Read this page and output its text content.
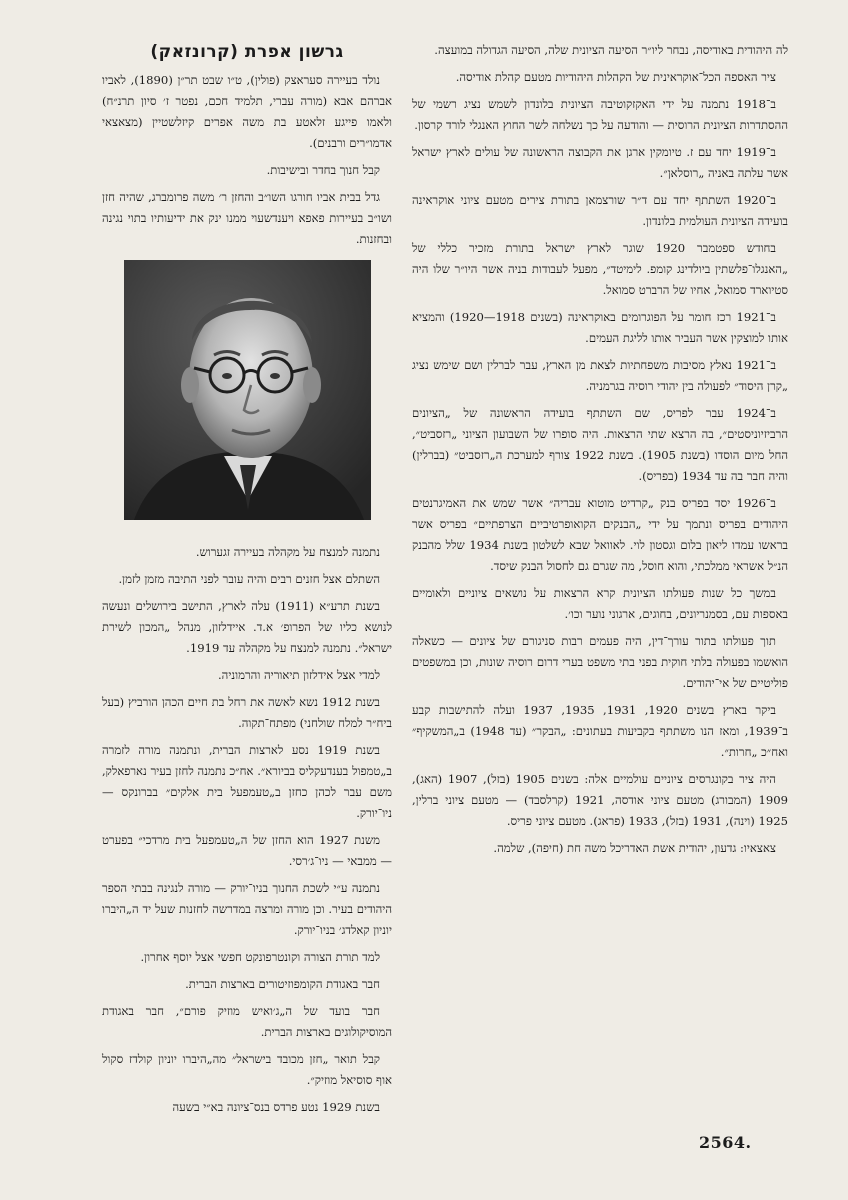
לה היהודית באודיסה, נבחר ליו״ר הסיעה הציונית שלה, הסיעה הגדולה במועצה.

ציר האספה הכל־אוקראינית של הקהלות היהודיות מטעם קהלת אודיסה.

ב־1918 נתמנה על ידי האקזקוטיבה הציונית בלונדון לשמש נציג רשמי של ההסתדרות הציונית הרוסית — והודעה על כך נשלחה לשר החוץ האנגלי לורד קרסון.

ב־1919 יחד עם ז. טיומקין ארגן את הקבוצה הראשונה של עולים לארץ ישראל אשר עלתה באניה „רוסלאן״.

ב־1920 השתתף יחד עם ד״ר שורצמאן בתורת צירים מטעם ציוני אוקראינה בועידה הציונית העולמית בלונדון.

בחודש ספטמבר 1920 שוגר לארץ ישראל בתורת מזכיר כללי של „האנגלו־פלשתין ביולדינג קומפ. לימיטד״, מפעל לעבודות בניה אשר היו״ר שלו היה סטיוארד סמואל, אחיו של הרברט סמואל.

ב־1921 רכז חומר על הפוגרומים באוקראינה (בשנים 1918—1920) והמציא אותו למוצקין אשר העביר אותו לליגת העמים.

ב־1921 נאלץ מסיבות משפחתיות לצאת מן הארץ, עבר לברלין ושם שימש נציג „קרן היסוד״ לפעולה בין יהודי רוסיה בגרמניה.

ב־1924 עבר לפריס, שם השתתף בועידה הראשונה של „הציונים הרביזיוניסטים״, בה הרצא שתי הרצאות. היה סופרו של השבועון הציוני „רזסביט״, החל מיום הוסדו (בשנת 1905). בשנת 1922 צורף למערכת ה„רזסביט״ (בברלין) והיה חבר בה עד 1934 (בפריס).

ב־1926 יסד בפריס בנק „קרדיט מוטוא עבריה״ אשר שמש את האמיגרנטים היהודים בפריס ונתמך על ידי „הבנקים הקואופרטיביים הצרפתיים״ בפריס אשר בראשו עמדו ליאון בלום וגסטון לוי. לאוואל שבא לשלטון בשנת 1934 שלל מהבנק הנ״ל אשראי ממלכתי, והוא חוסל, מה שגרם גם לחסול הבנק שיסד.

במשך כל שנות פעולתו הציונית קרא הרצאות על נושאים ציוניים ולאומיים באספות עם, בסמנריונים, בחוגים, ארגוני נוער וכו׳.

תוך פעולתו בתור עורך־דין, היה פעמים רבות סניגורם של ציונים — כשאלה הואשמו בפעולה בלתי חוקית בפני בתי משפט בערי דרום רוסיה שונות, וכן במשפטים פוליטיים של אי־יהודים.

ביקר בארץ בשנים 1920, 1931, 1935, 1937 ועלה להתישבות קבע ב־1939, ומאז הנו משתתף בקביעות בעתונים: „הבקר״ (עד 1948) ב„המשקיף״ ואח״כ „חרות״.

היה ציר בקונגרסים ציוניים עולמיים אלה: בשנים 1905 (בזל), 1907 (האג), 1909 (המבורג) מטעם ציוני אודסה, 1921 (קרלסבד) — מטעם ציוני ברלין, 1925 (וינה), 1931 (בזל), 1933 (פראג). מטעם ציוני פריס.

צאצאיו: גדעון, יהודית אשת האדריכל משה חת (חיפה), שלמה.

גרשון אפרת (קרונזאק)

נולד בעיירה סעראצק (פולין), ט״ו שבט תר״ן (1890), לאביו אברהם אבא (מורה עברי, תלמיד חכם, נפטר ז׳ סיון תרנ״ח) ולאמו פייגע זלאטע בת משה אפרים קיזלשטיין (מצאצאי אדמו״רים ורבנים).

קבל חנוך בחדר ובישיבות.

גדל בבית אביו חורגו השו״ב והחזן ר׳ משה פרומברג, שהיה חזן ושו״ב בעיירות פאפא ויענדשעוי ממנו ינק את ידיעותיו בתוי נגינה ובחזנות.

נתמנה למנצח על מקהלה בעיירה זגערוש.

השתלם אצל חזנים רבים והיה עובר לפני התיבה מזמן לזמן.

בשנת תרע״א (1911) עלה לארץ, התישב בירושלים ונעשה לנושא כליו של הפרופ׳ א.ד. איידלזון, מנהל „המכון לשירת ישראל״. נתמנה למנצח על מקהלה עד 1919.

למדי אצל אידלזון תיאוריה והרמוניה.

בשנת 1912 נשא לאשה את רחל בת חיים הכהן הורביץ (בעל ביח״ר למלח שולחני) מפתח־תקוה.

בשנת 1919 נסע לארצות הברית, ונתמנה מורה לזמרה ב„טמפול בענדעקליס בביורא״. אח״כ נתמנה לחזן בעיר נארפאלק, משם עבר לכהן כחזן ב„טעמפעל בית אלקים״ בברונקס — ניו־יורק.

משנת 1927 הוא החזן של ה„טעמפעל בית מרדכי״ בפערט — ממבאי — ניו־ג׳רסי.

נתמנה ע״י לשכת החנוך בניו־יורק — מורה לנגינה בבתי הספר היהודים בעיר. וכן מורה ומרצה במדרשה לחזנות שעל יד ה„היברו יוניון קאלדג׳ בניו־יורק.

למד תורת הצורה וקונטרפונקט חפשי אצל יוסף אחרון.

חבר באגודת הקומפוזיטורים בארצות הברית.

חבר בועד של ה„ג׳ואיש מוזיק פורם״, חבר באגודת המוסיקולוגים בארצות הברית.

קבל תואר „חזן מכובד בישראל״ מה„היברו יוניון קולדז סקול אוף סוסיאל מוזיק״.

בשנת 1929 נטע פרדס בנס־ציונה בא״י בשעה

2564.
